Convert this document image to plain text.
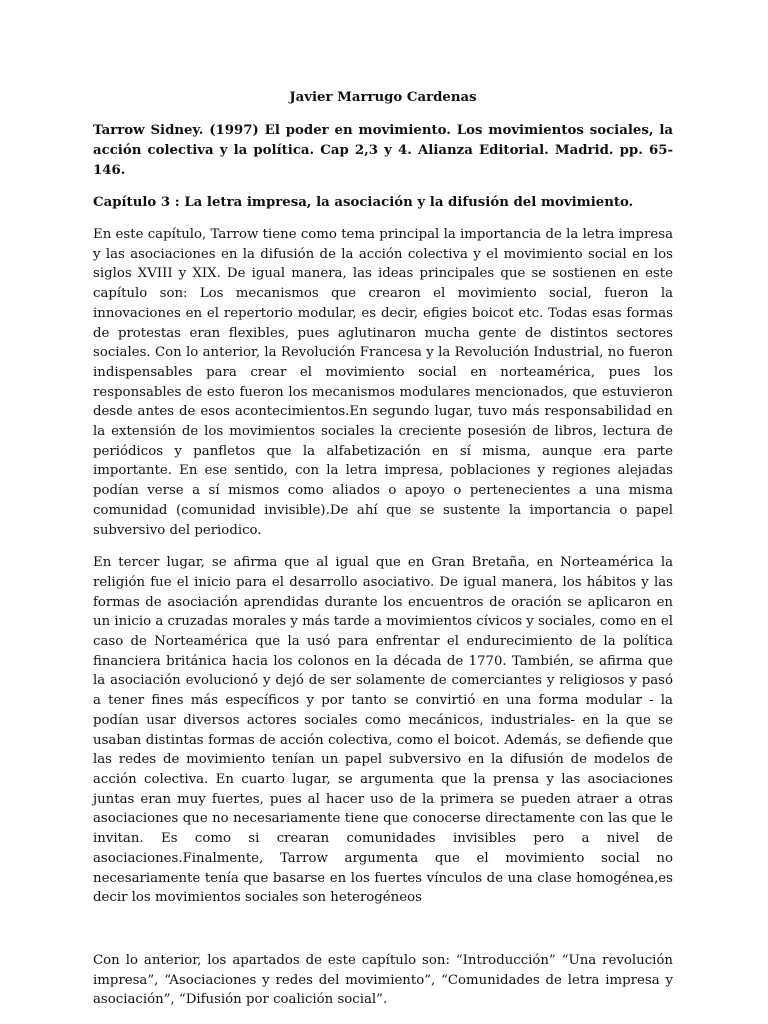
Javier Marrugo Cardenas
Tarrow Sidney. (1997) El poder en movimiento. Los movimientos sociales, la acción colectiva y la política. Cap 2,3 y 4. Alianza Editorial. Madrid. pp. 65-146.
Capítulo 3 : La letra impresa, la asociación y la difusión del movimiento.

En este capítulo, Tarrow tiene como tema principal la importancia de la letra impresa y las asociaciones en la difusión de la acción colectiva y el movimiento social en los siglos XVIII y XIX. De igual manera, las ideas principales que se sostienen en este capítulo son: Los mecanismos que crearon el movimiento social, fueron la innovaciones en el repertorio modular, es decir, efigies boicot etc. Todas esas formas de protestas eran flexibles, pues aglutinaron mucha gente de distintos sectores sociales. Con lo anterior, la Revolución Francesa y la Revolución Industrial, no fueron indispensables para crear el movimiento social en norteamérica, pues los responsables de esto fueron los mecanismos modulares mencionados, que estuvieron desde antes de esos acontecimientos.En segundo lugar, tuvo más responsabilidad en la extensión de los movimientos sociales la creciente posesión de libros, lectura de periódicos y panfletos que la alfabetización en sí misma, aunque era parte importante. En ese sentido, con la letra impresa, poblaciones y regiones alejadas podían verse a sí mismos como aliados o apoyo o pertenecientes a una misma comunidad (comunidad invisible).De ahí que se sustente la importancia o papel subversivo del periodico.

En tercer lugar, se afirma que al igual que en Gran Bretaña, en Norteamérica la religión fue el inicio para el desarrollo asociativo. De igual manera, los hábitos y las formas de asociación aprendidas durante los encuentros de oración se aplicaron en un inicio a cruzadas morales y más tarde a movimientos cívicos y sociales, como en el caso de Norteamérica que la usó para enfrentar el endurecimiento de la política financiera británica hacia los colonos en la década de 1770. También, se afirma que la asociación evolucionó y dejó de ser solamente de comerciantes y religiosos y pasó a tener fines más específicos y por tanto se convirtió en una forma modular - la podían usar diversos actores sociales como mecánicos, industriales- en la que se usaban distintas formas de acción colectiva, como el boicot. Además, se defiende que las redes de movimiento tenían un papel subversivo en la difusión de modelos de acción colectiva. En cuarto lugar, se argumenta que la prensa y las asociaciones juntas eran muy fuertes, pues al hacer uso de la primera se pueden atraer a otras asociaciones que no necesariamente tiene que conocerse directamente con las que le invitan. Es como si crearan comunidades invisibles pero a nivel de asociaciones.Finalmente, Tarrow argumenta que el movimiento social no necesariamente tenía que basarse en los fuertes vínculos de una clase homogénea,es decir los movimientos sociales son heterogéneos

Con lo anterior, los apartados de este capítulo son: “Introducción” “Una revolución impresa”, “Asociaciones y redes del movimiento”, “Comunidades de letra impresa y asociación”, “Difusión por coalición social”.
